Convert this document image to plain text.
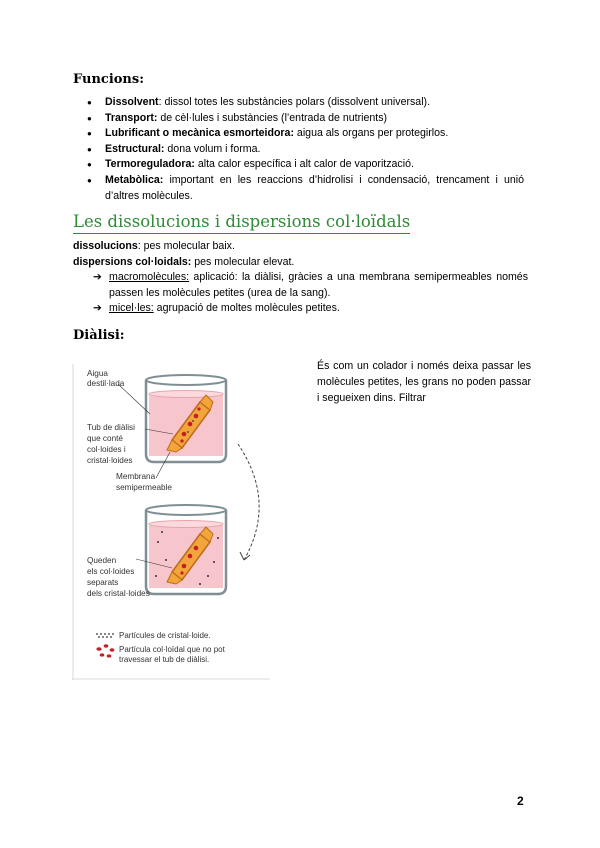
Funcions:
● Dissolvent: dissol totes les substàncies polars (dissolvent universal).
● Transport: de cèl·lules i substàncies (l’entrada de nutrients)
● Lubrificant o mecànica esmorteidora: aigua als organs per protegirlos.
● Estructural: dona volum i forma.
● Termoreguladora: alta calor específica i alt calor de vaporització.
● Metabòlica: important en les reaccions d’hidrolisi i condensació, trencament i unió d’altres molècules.
Les dissolucions i dispersions col·loïdals
dissolucions: pes molecular baix.
dispersions col·loidals: pes molecular elevat.
➔ macromolècules: aplicació: la diàlisi, gràcies a una membrana semipermeables només passen les molècules petites (urea de la sang).
➔ micel·les: agrupació de moltes molècules petites.
Diàlisi:
És com un colador i només deixa passar les molècules petites, les grans no poden passar i segueixen dins. Filtrar
Aigua
destil·lada
Tub de diàlisi
que conté
col·loides i
cristal·loides
Membrana
semipermeable
Queden
els col·loides
separats
dels cristal·loides
Partícules de cristal·loide.
Partícula col·loïdal que no pot
travessar el tub de diàlisi.
2
